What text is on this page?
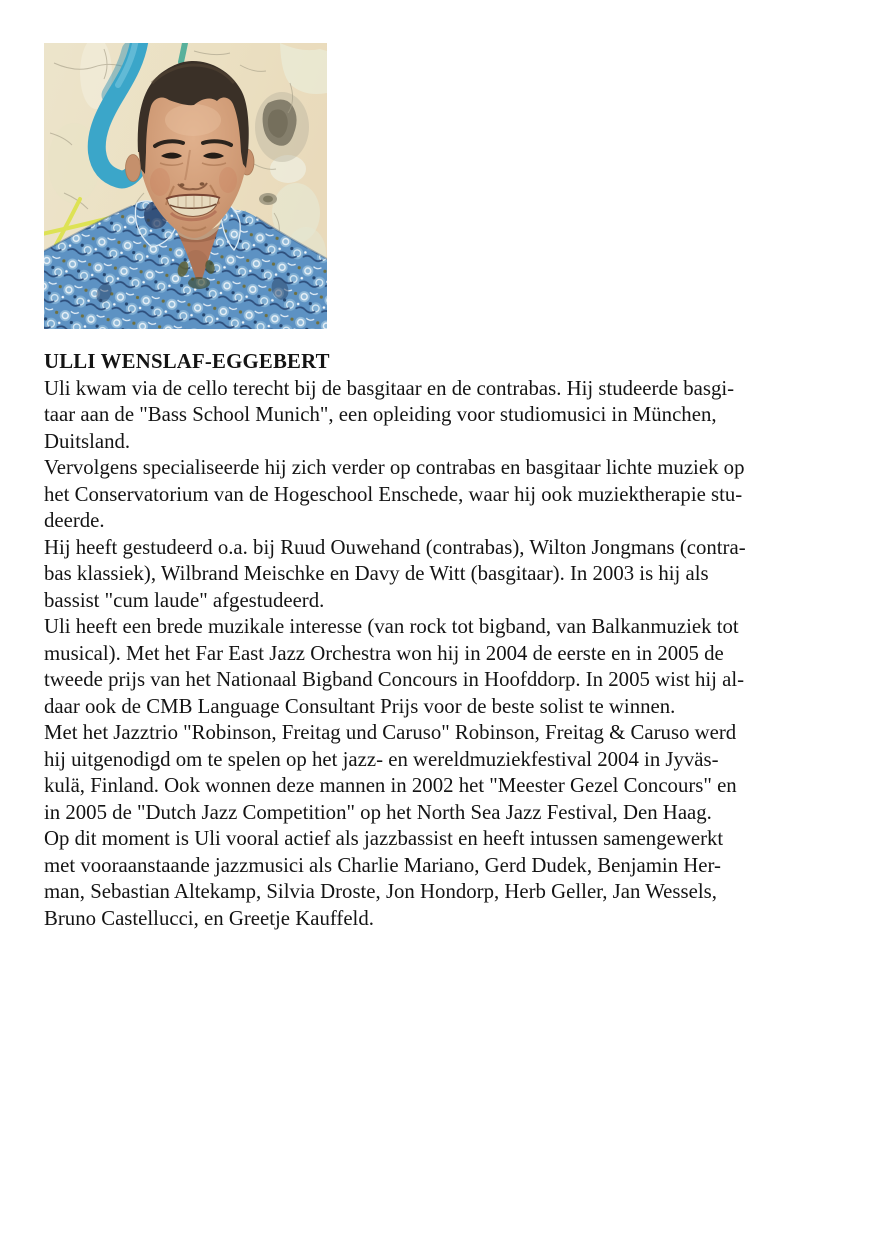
ULLI WENSLAF-EGGEBERT
Uli kwam via de cello terecht bij de basgitaar en de contrabas. Hij studeerde basgi-
taar aan de "Bass School Munich", een opleiding voor studiomusici in München,
Duitsland.
Vervolgens specialiseerde hij zich verder op contrabas en basgitaar lichte muziek op
het Conservatorium van de Hogeschool Enschede, waar hij ook muziektherapie stu-
deerde.
Hij heeft gestudeerd o.a. bij Ruud Ouwehand (contrabas), Wilton Jongmans (contra-
bas klassiek), Wilbrand Meischke en Davy de Witt (basgitaar). In 2003 is hij als
bassist "cum laude" afgestudeerd.
Uli heeft een brede muzikale interesse (van rock tot bigband, van Balkanmuziek tot
musical). Met het Far East Jazz Orchestra won hij in 2004 de eerste en in 2005 de
tweede prijs van het Nationaal Bigband Concours in Hoofddorp. In 2005 wist hij al-
daar ook de CMB Language Consultant Prijs voor de beste solist te winnen.
Met het Jazztrio "Robinson, Freitag und Caruso" Robinson, Freitag & Caruso werd
hij uitgenodigd om te spelen op het jazz- en wereldmuziekfestival 2004 in Jyväs-
kulä, Finland. Ook wonnen deze mannen in 2002 het "Meester Gezel Concours" en
in 2005 de "Dutch Jazz Competition" op het North Sea Jazz Festival, Den Haag.
Op dit moment is Uli vooral actief als jazzbassist en heeft intussen samengewerkt
met vooraanstaande jazzmusici als Charlie Mariano, Gerd Dudek, Benjamin Her-
man, Sebastian Altekamp, Silvia Droste, Jon Hondorp, Herb Geller, Jan Wessels,
Bruno Castellucci, en Greetje Kauffeld.
